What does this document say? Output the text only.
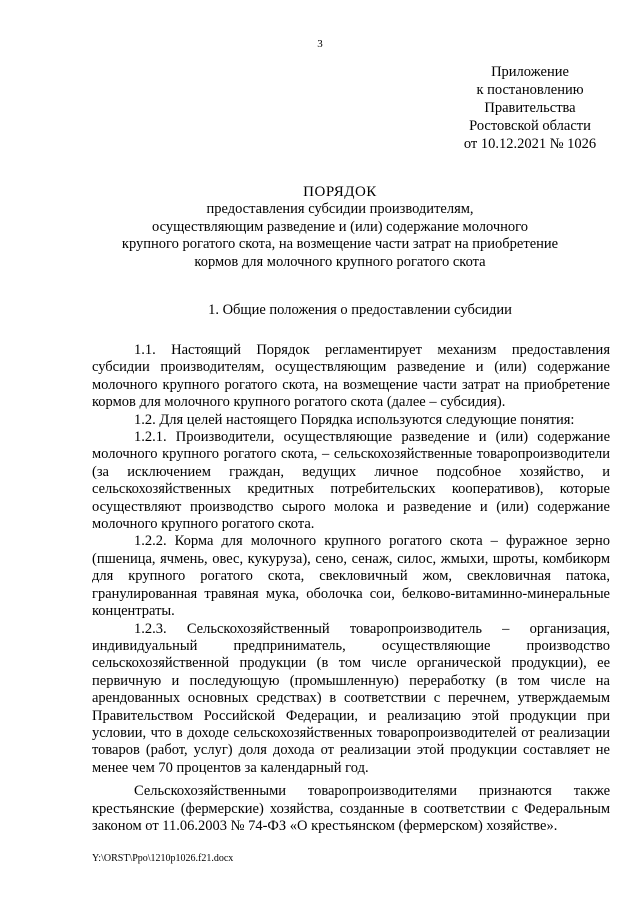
3
Приложение
к постановлению
Правительства
Ростовской области
от 10.12.2021 № 1026
ПОРЯДОК
предоставления субсидии производителям,
осуществляющим разведение и (или) содержание молочного
крупного рогатого скота, на возмещение части затрат на приобретение
кормов для молочного крупного рогатого скота
1. Общие положения о предоставлении субсидии

1.1. Настоящий Порядок регламентирует механизм предоставления субсидии производителям, осуществляющим разведение и (или) содержание молочного крупного рогатого скота, на возмещение части затрат на приобретение кормов для молочного крупного рогатого скота (далее – субсидия).

1.2. Для целей настоящего Порядка используются следующие понятия:

1.2.1. Производители, осуществляющие разведение и (или) содержание молочного крупного рогатого скота, – сельскохозяйственные товаропроизводители (за исключением граждан, ведущих личное подсобное хозяйство, и сельскохозяйственных кредитных потребительских кооперативов), которые осуществляют производство сырого молока и разведение и (или) содержание молочного крупного рогатого скота.

1.2.2. Корма для молочного крупного рогатого скота – фуражное зерно (пшеница, ячмень, овес, кукуруза), сено, сенаж, силос, жмыхи, шроты, комбикорм для крупного рогатого скота, свекловичный жом, свекловичная патока, гранулированная травяная мука, оболочка сои, белково-витаминно-минеральные концентраты.

1.2.3. Сельскохозяйственный товаропроизводитель – организация, индивидуальный предприниматель, осуществляющие производство сельскохозяйственной продукции (в том числе органической продукции), ее первичную и последующую (промышленную) переработку (в том числе на арендованных основных средствах) в соответствии с перечнем, утверждаемым Правительством Российской Федерации, и реализацию этой продукции при условии, что в доходе сельскохозяйственных товаропроизводителей от реализации товаров (работ, услуг) доля дохода от реализации этой продукции составляет не менее чем 70 процентов за календарный год.

Сельскохозяйственными товаропроизводителями признаются также крестьянские (фермерские) хозяйства, созданные в соответствии с Федеральным законом от 11.06.2003 № 74-ФЗ «О крестьянском (фермерском) хозяйстве».

Y:\ORST\Ppo\1210p1026.f21.docx
